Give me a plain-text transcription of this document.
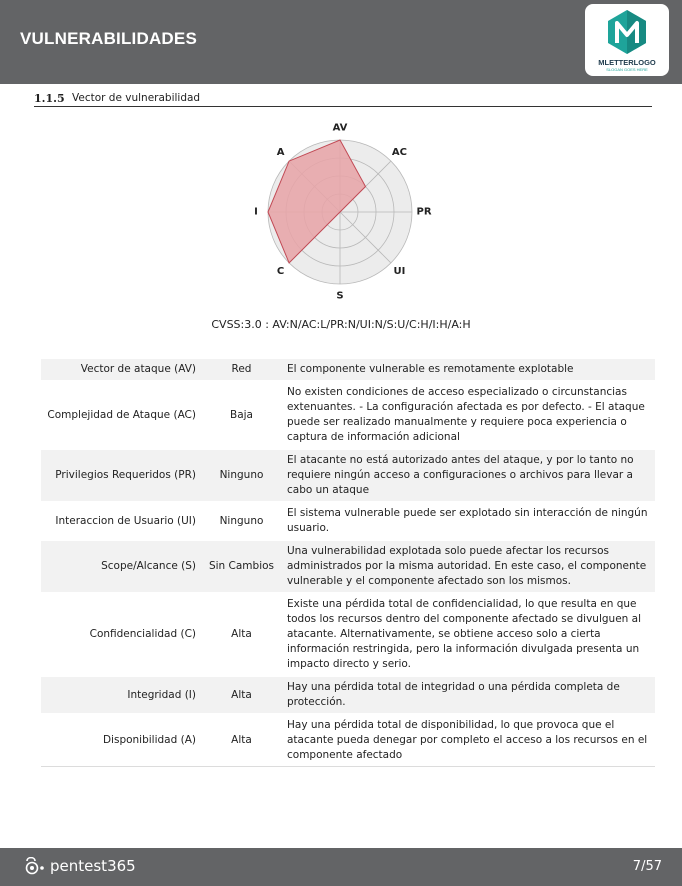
VULNERABILIDADES
MLETTERLOGO
SLOGAN GOES HERE
1.1.5 Vector de vulnerabilidad
AV
AC
PR
UI
S
C
I
A
CVSS:3.0 : AV:N/AC:L/PR:N/UI:N/S:U/C:H/I:H/A:H
Vector de ataque (AV)	Red	El componente vulnerable es remotamente explotable
Complejidad de Ataque (AC)	Baja	No existen condiciones de acceso especializado o circunstancias extenuantes. - La configuración afectada es por defecto. - El ataque puede ser realizado manualmente y requiere poca experiencia o captura de información adicional
Privilegios Requeridos (PR)	Ninguno	El atacante no está autorizado antes del ataque, y por lo tanto no requiere ningún acceso a configuraciones o archivos para llevar a cabo un ataque
Interaccion de Usuario (UI)	Ninguno	El sistema vulnerable puede ser explotado sin interacción de ningún usuario.
Scope/Alcance (S)	Sin Cambios	Una vulnerabilidad explotada solo puede afectar los recursos administrados por la misma autoridad. En este caso, el componente vulnerable y el componente afectado son los mismos.
Confidencialidad (C)	Alta	Existe una pérdida total de confidencialidad, lo que resulta en que todos los recursos dentro del componente afectado se divulguen al atacante. Alternativamente, se obtiene acceso solo a cierta información restringida, pero la información divulgada presenta un impacto directo y serio.
Integridad (I)	Alta	Hay una pérdida total de integridad o una pérdida completa de protección.
Disponibilidad (A)	Alta	Hay una pérdida total de disponibilidad, lo que provoca que el atacante pueda denegar por completo el acceso a los recursos en el componente afectado
pentest365	7/57
